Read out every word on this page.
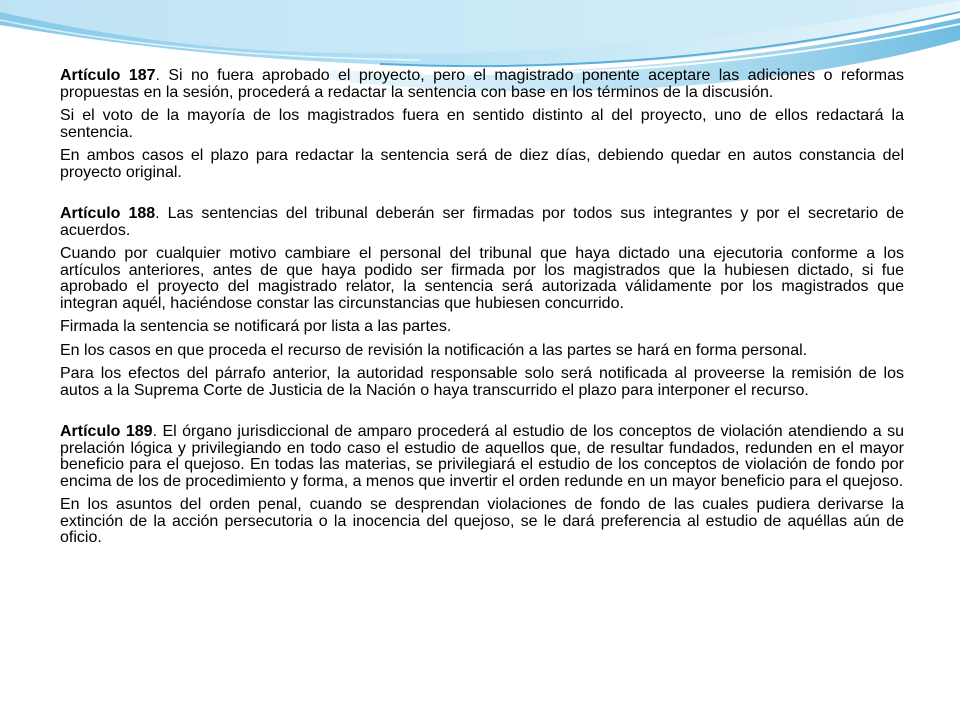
Artículo 187. Si no fuera aprobado el proyecto, pero el magistrado ponente aceptare las adiciones o reformas propuestas en la sesión, procederá a redactar la sentencia con base en los términos de la discusión.

Si el voto de la mayoría de los magistrados fuera en sentido distinto al del proyecto, uno de ellos redactará la sentencia.

En ambos casos el plazo para redactar la sentencia será de diez días, debiendo quedar en autos constancia del proyecto original.

Artículo 188. Las sentencias del tribunal deberán ser firmadas por todos sus integrantes y por el secretario de acuerdos.

Cuando por cualquier motivo cambiare el personal del tribunal que haya dictado una ejecutoria conforme a los artículos anteriores, antes de que haya podido ser firmada por los magistrados que la hubiesen dictado, si fue aprobado el proyecto del magistrado relator, la sentencia será autorizada válidamente por los magistrados que integran aquél, haciéndose constar las circunstancias que hubiesen concurrido.

Firmada la sentencia se notificará por lista a las partes.

En los casos en que proceda el recurso de revisión la notificación a las partes se hará en forma personal.

Para los efectos del párrafo anterior, la autoridad responsable solo será notificada al proveerse la remisión de los autos a la Suprema Corte de Justicia de la Nación o haya transcurrido el plazo para interponer el recurso.

Artículo 189. El órgano jurisdiccional de amparo procederá al estudio de los conceptos de violación atendiendo a su prelación lógica y privilegiando en todo caso el estudio de aquellos que, de resultar fundados, redunden en el mayor beneficio para el quejoso. En todas las materias, se privilegiará el estudio de los conceptos de violación de fondo por encima de los de procedimiento y forma, a menos que invertir el orden redunde en un mayor beneficio para el quejoso.

En los asuntos del orden penal, cuando se desprendan violaciones de fondo de las cuales pudiera derivarse la extinción de la acción persecutoria o la inocencia del quejoso, se le dará preferencia al estudio de aquéllas aún de oficio.
